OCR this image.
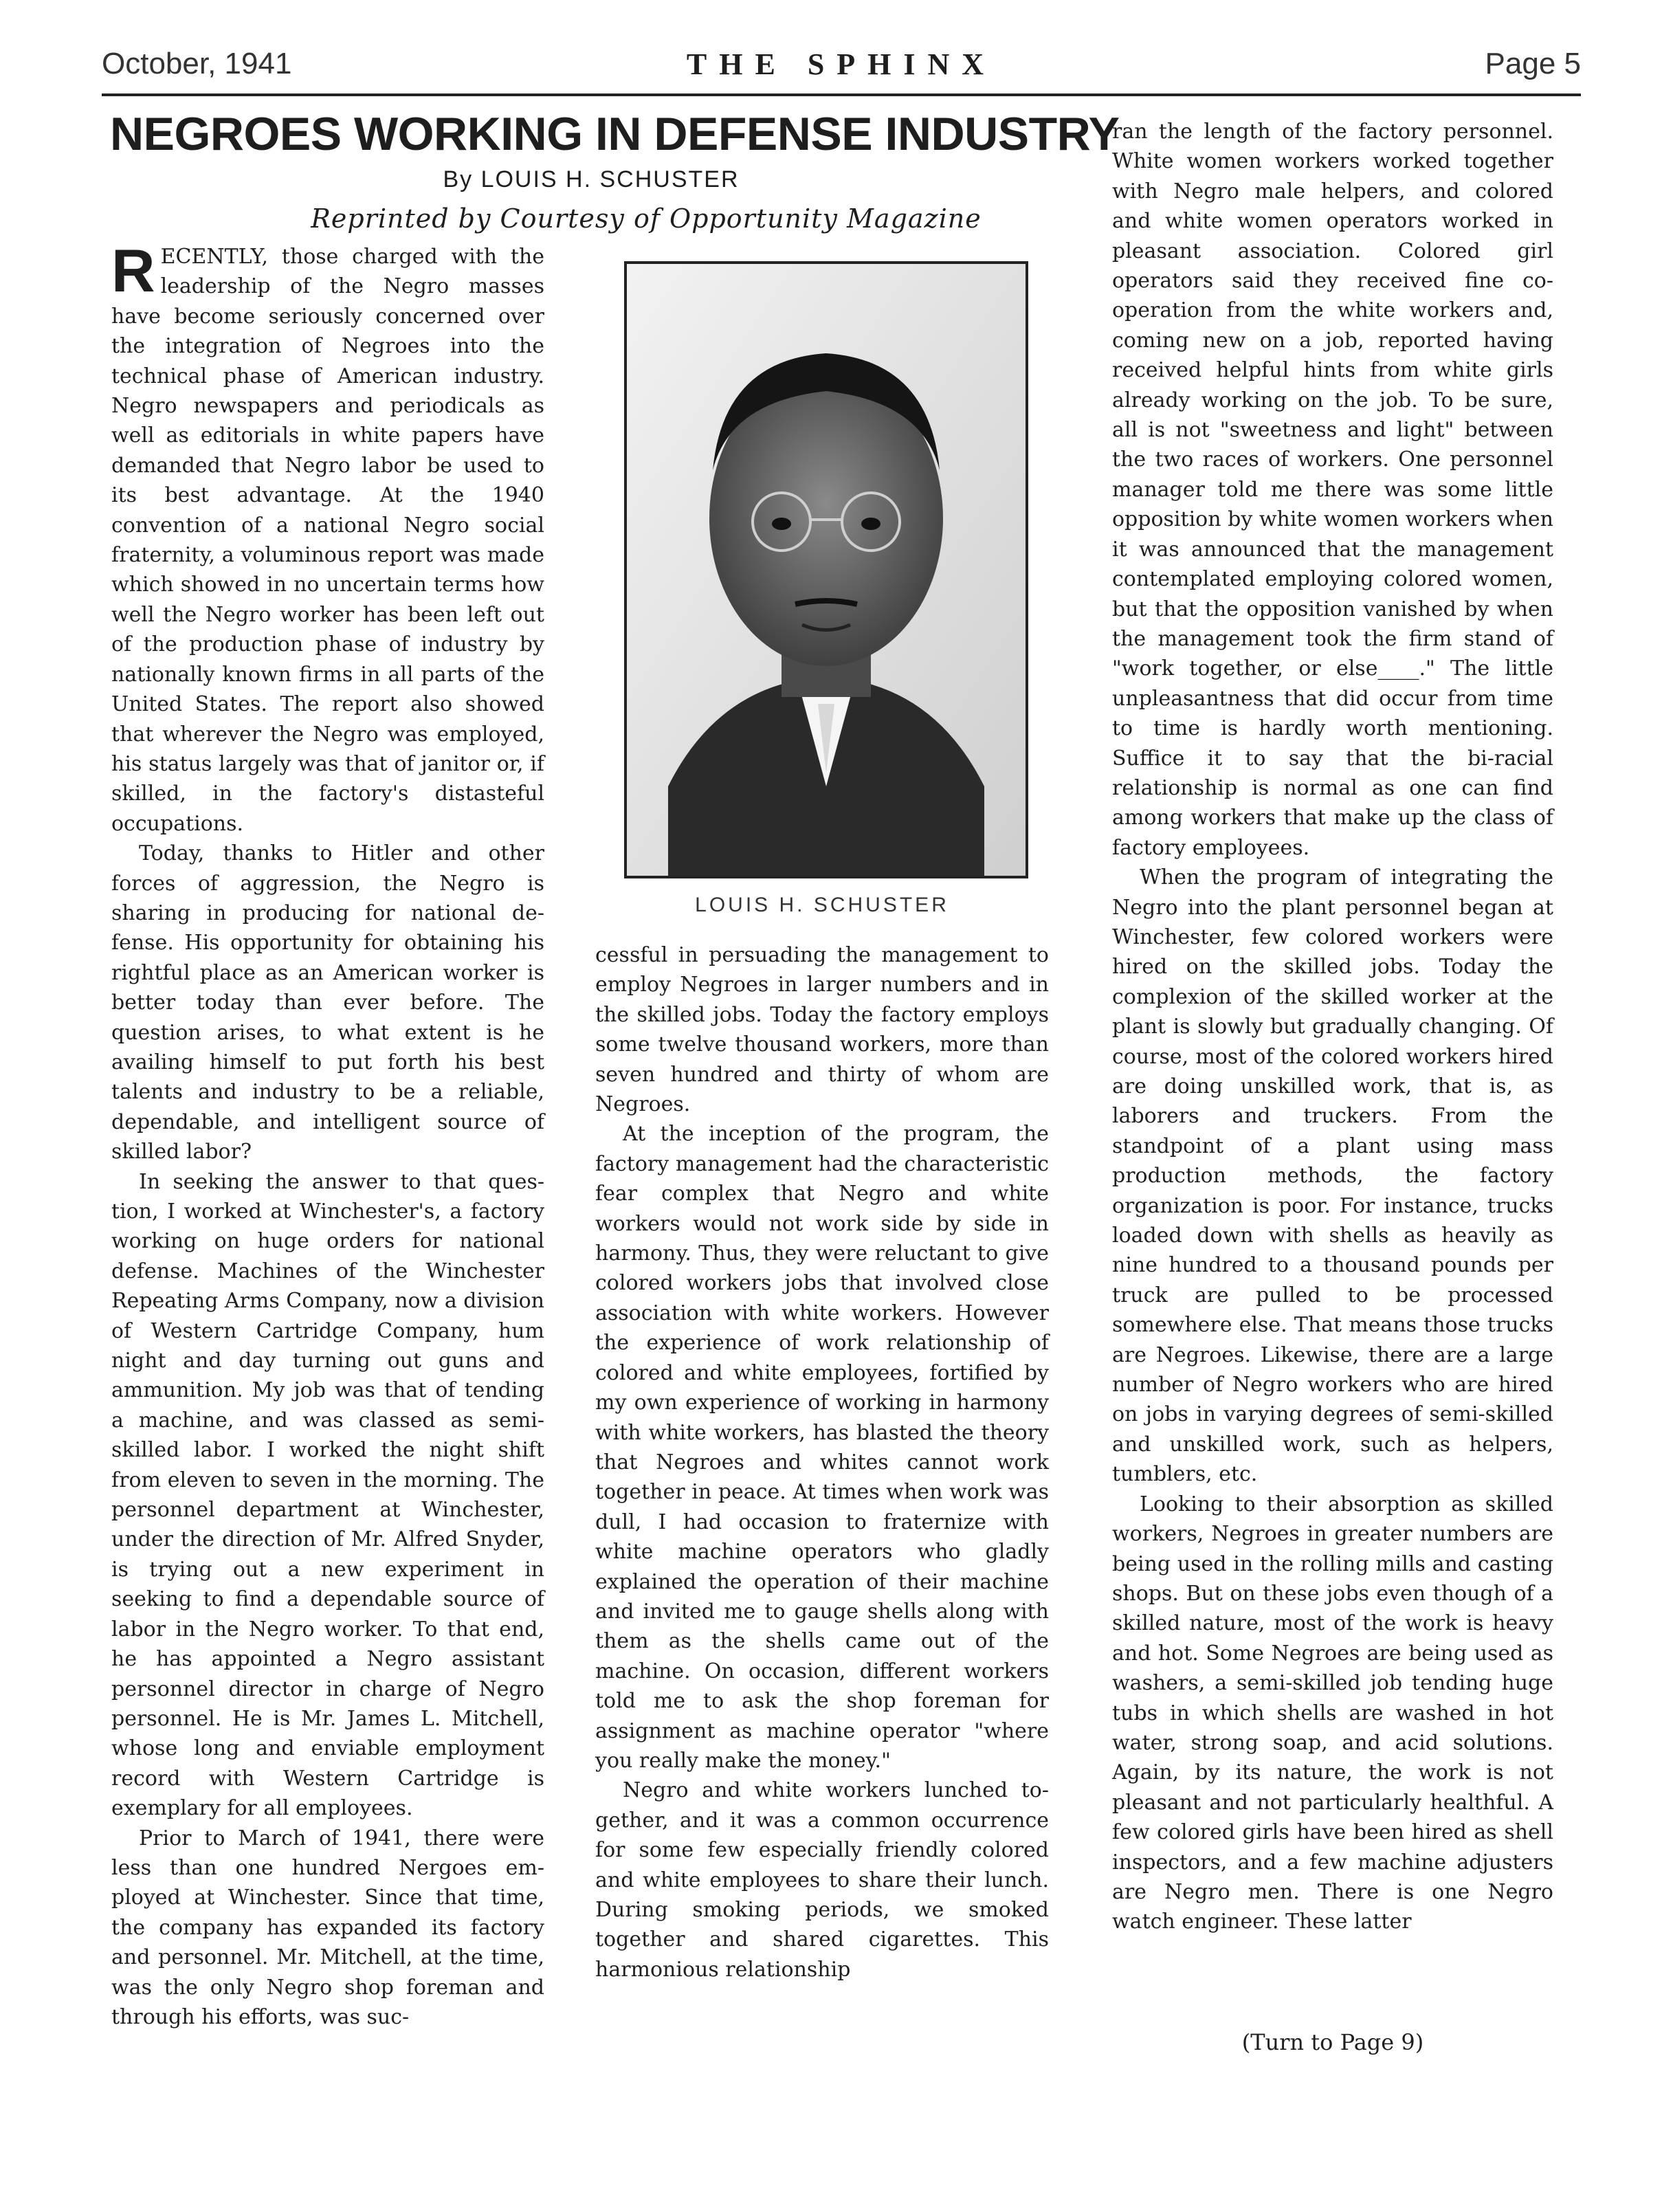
October, 1941	THE SPHINX	Page 5
NEGROES WORKING IN DEFENSE INDUSTRY
By LOUIS H. SCHUSTER
Reprinted by Courtesy of Opportunity Magazine

RECENTLY, those charged with the leadership of the Negro masses have become seriously concerned over the integration of Negroes into the technical phase of American industry. Negro newspapers and periodicals as well as editorials in white papers have demanded that Negro labor be used to its best advantage. At the 1940 convention of a national Negro social fraternity, a voluminous report was made which showed in no uncertain terms how well the Negro worker has been left out of the production phase of industry by nationally known firms in all parts of the United States. The report also showed that wherever the Negro was employed, his status largely was that of janitor or, if skilled, in the factory's distasteful occupations.

Today, thanks to Hitler and other forces of aggression, the Negro is sharing in producing for national defense. His opportunity for obtaining his rightful place as an American worker is better today than ever before. The question arises, to what extent is he availing himself to put forth his best talents and industry to be a reliable, dependable, and intelligent source of skilled labor?

In seeking the answer to that question, I worked at Winchester's, a factory working on huge orders for national defense. Machines of the Winchester Repeating Arms Company, now a division of Western Cartridge Company, hum night and day turning out guns and ammunition. My job was that of tending a machine, and was classed as semi-skilled labor. I worked the night shift from eleven to seven in the morning. The personnel department at Winchester, under the direction of Mr. Alfred Snyder, is trying out a new experiment in seeking to find a dependable source of labor in the Negro worker. To that end, he has appointed a Negro assistant personnel director in charge of Negro personnel. He is Mr. James L. Mitchell, whose long and enviable employment record with Western Cartridge is exemplary for all employees.

Prior to March of 1941, there were less than one hundred Nergoes employed at Winchester. Since that time, the company has expanded its factory and personnel. Mr. Mitchell, at the time, was the only Negro shop foreman and through his efforts, was suc-

LOUIS H. SCHUSTER

cessful in persuading the management to employ Negroes in larger numbers and in the skilled jobs. Today the factory employs some twelve thousand workers, more than seven hundred and thirty of whom are Negroes.

At the inception of the program, the factory management had the characteristic fear complex that Negro and white workers would not work side by side in harmony. Thus, they were reluctant to give colored workers jobs that involved close association with white workers. However the experience of work relationship of colored and white employees, fortified by my own experience of working in harmony with white workers, has blasted the theory that Negroes and whites cannot work together in peace. At times when work was dull, I had occasion to fraternize with white machine operators who gladly explained the operation of their machine and invited me to gauge shells along with them as the shells came out of the machine. On occasion, different workers told me to ask the shop foreman for assignment as machine operator "where you really make the money."

Negro and white workers lunched together, and it was a common occurrence for some few especially friendly colored and white employees to share their lunch. During smoking periods, we smoked together and shared cigarettes. This harmonious relationship

ran the length of the factory personnel. White women workers worked together with Negro male helpers, and colored and white women operators worked in pleasant association. Colored girl operators said they received fine co-operation from the white workers and, coming new on a job, reported having received helpful hints from white girls already working on the job. To be sure, all is not "sweetness and light" between the two races of workers. One personnel manager told me there was some little opposition by white women workers when it was announced that the management contemplated employing colored women, but that the opposition vanished by when the management took the firm stand of "work together, or else____." The little unpleasantness that did occur from time to time is hardly worth mentioning. Suffice it to say that the bi-racial relationship is normal as one can find among workers that make up the class of factory employees.

When the program of integrating the Negro into the plant personnel began at Winchester, few colored workers were hired on the skilled jobs. Today the complexion of the skilled worker at the plant is slowly but gradually changing. Of course, most of the colored workers hired are doing unskilled work, that is, as laborers and truckers. From the standpoint of a plant using mass production methods, the factory organization is poor. For instance, trucks loaded down with shells as heavily as nine hundred to a thousand pounds per truck are pulled to be processed somewhere else. That means those trucks are Negroes. Likewise, there are a large number of Negro workers who are hired on jobs in varying degrees of semi-skilled and unskilled work, such as helpers, tumblers, etc.

Looking to their absorption as skilled workers, Negroes in greater numbers are being used in the rolling mills and casting shops. But on these jobs even though of a skilled nature, most of the work is heavy and hot. Some Negroes are being used as washers, a semi-skilled job tending huge tubs in which shells are washed in hot water, strong soap, and acid solutions. Again, by its nature, the work is not pleasant and not particularly healthful. A few colored girls have been hired as shell inspectors, and a few machine adjusters are Negro men. There is one Negro watch engineer. These latter

(Turn to Page 9)
